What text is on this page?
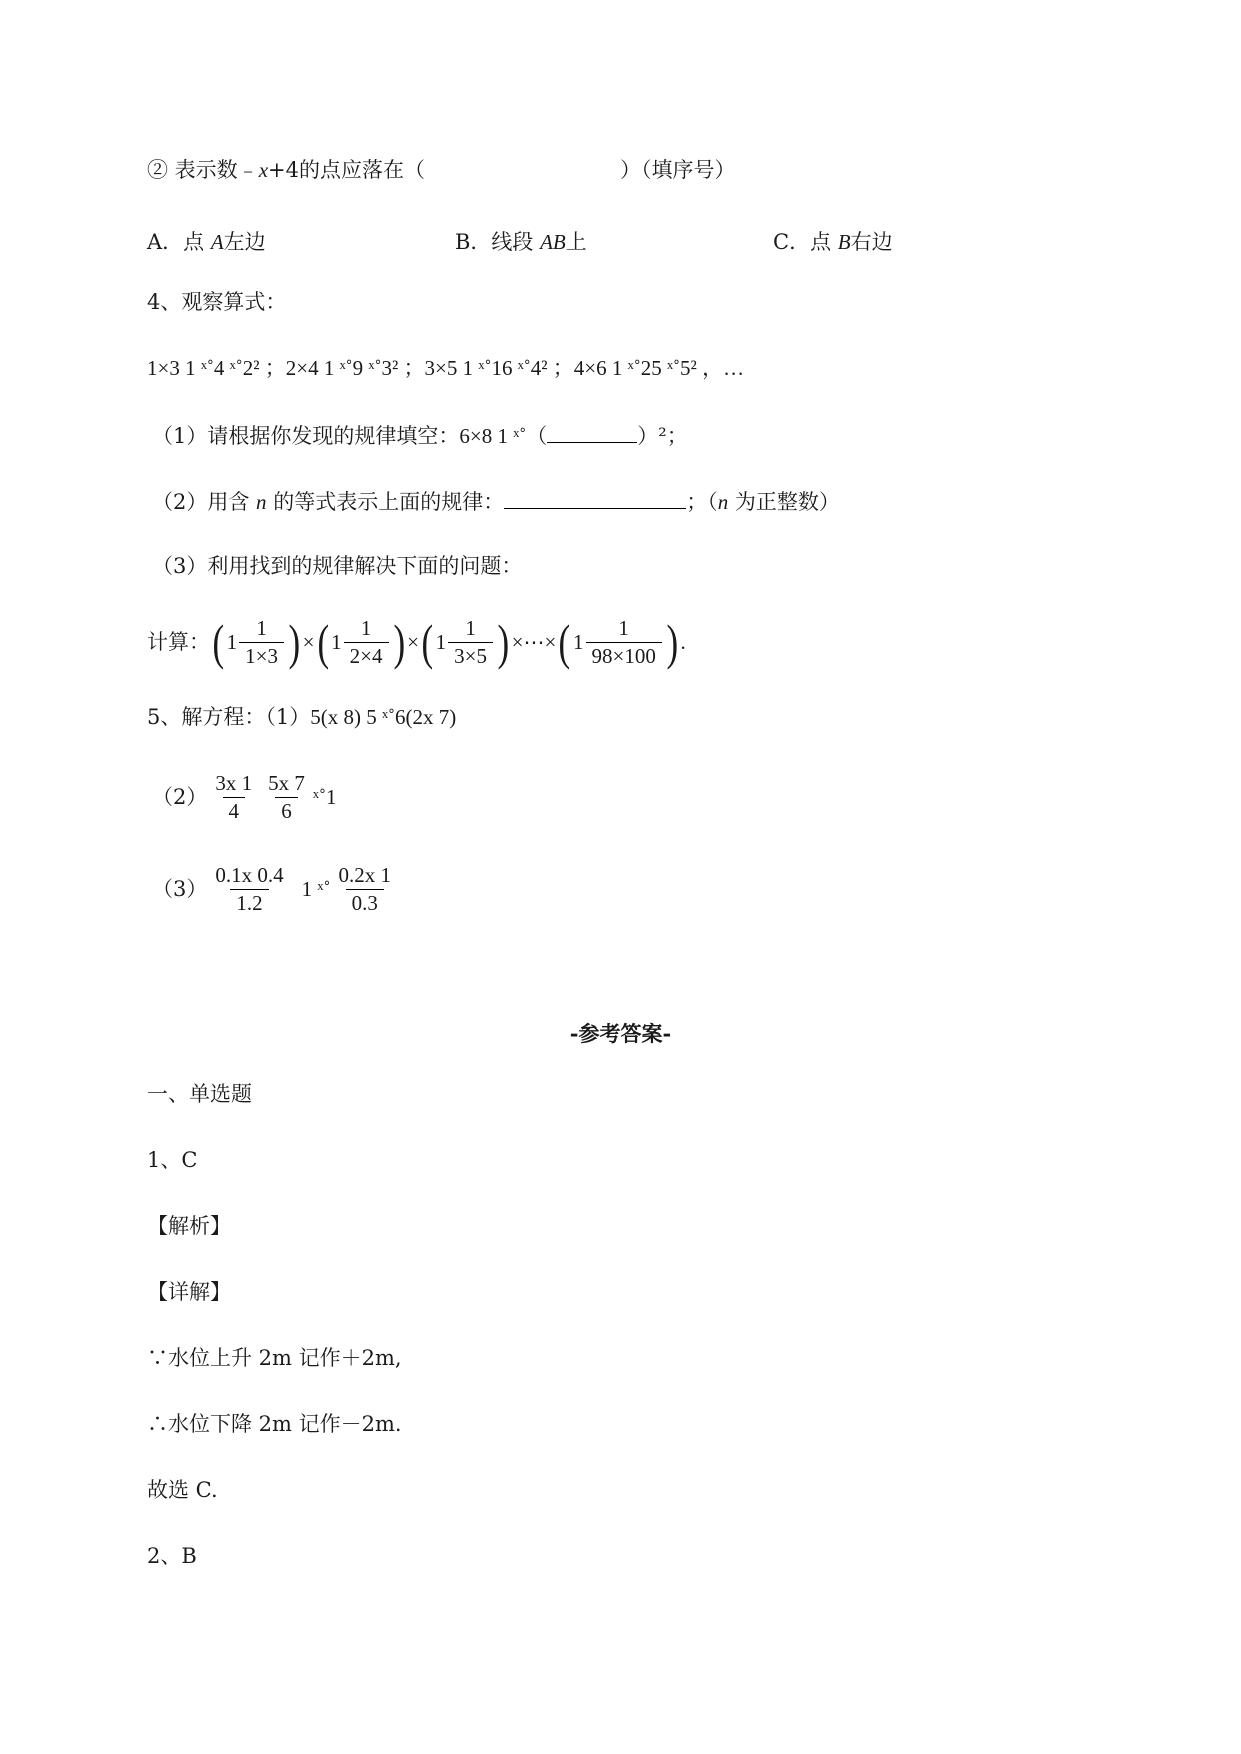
② 表示数﹣x+4的点应落在（	）（填序号）
A．点 A左边	B．线段 AB上	C．点 B右边
4、观察算式：
1×3 1 ˣ˚4 ˣ˚2² ；2×4 1 ˣ˚9 ˣ˚3² ；3×5 1 ˣ˚16 ˣ˚4² ；4×6 1 ˣ˚25 ˣ˚5² ，…
（1）请根据你发现的规律填空：6×8 1 ˣ˚（	）²；
（2）用含 n 的等式表示上面的规律：	；（n 为正整数）
（3）利用找到的规律解决下面的问题：
计算： ( $1 \frac{1}{1\times 3}$ ) × ( $1 \frac{1}{2\times 4}$ ) × ( $1 \frac{1}{3\times 5}$ ) ×⋯× ( $1 \frac{1}{98\times 100}$ ) .
5、解方程：（1）5(x 8) 5 ˣ˚6(2x 7)
$(2) \frac{3x 1}{4} \frac{5x 7}{6}$ ˣ˚1
$(3) \frac{0.1x 0.4}{1.2} 1$ ˣ˚ $\frac{0.2x 1}{0.3}$
-参考答案-
一、单选题
1、C
【解析】
【详解】
∵水位上升 2m 记作＋2m,
∴水位下降 2m 记作－2m.
故选 C.
2、B
